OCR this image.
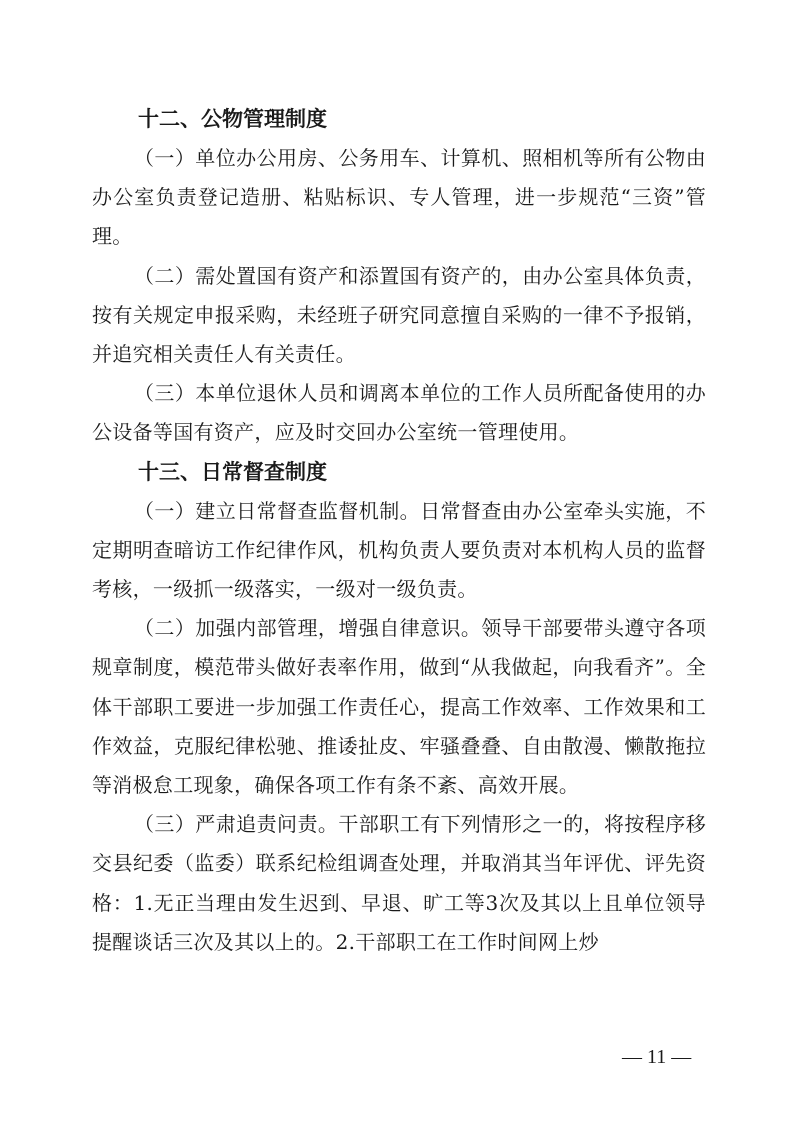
十二、公物管理制度

（一）单位办公用房、公务用车、计算机、照相机等所有公物由办公室负责登记造册、粘贴标识、专人管理，进一步规范“三资”管理。

（二）需处置国有资产和添置国有资产的，由办公室具体负责，按有关规定申报采购，未经班子研究同意擅自采购的一律不予报销，并追究相关责任人有关责任。

（三）本单位退休人员和调离本单位的工作人员所配备使用的办公设备等国有资产，应及时交回办公室统一管理使用。

十三、日常督查制度

（一）建立日常督查监督机制。日常督查由办公室牵头实施，不定期明查暗访工作纪律作风，机构负责人要负责对本机构人员的监督考核，一级抓一级落实，一级对一级负责。

（二）加强内部管理，增强自律意识。领导干部要带头遵守各项规章制度，模范带头做好表率作用，做到“从我做起，向我看齐”。全体干部职工要进一步加强工作责任心，提高工作效率、工作效果和工作效益，克服纪律松驰、推诿扯皮、牢骚叠叠、自由散漫、懒散拖拉等消极怠工现象，确保各项工作有条不紊、高效开展。

（三）严肃追责问责。干部职工有下列情形之一的，将按程序移交县纪委（监委）联系纪检组调查处理，并取消其当年评优、评先资格：1.无正当理由发生迟到、早退、旷工等3次及其以上且单位领导提醒谈话三次及其以上的。2.干部职工在工作时间网上炒

— 11 —
